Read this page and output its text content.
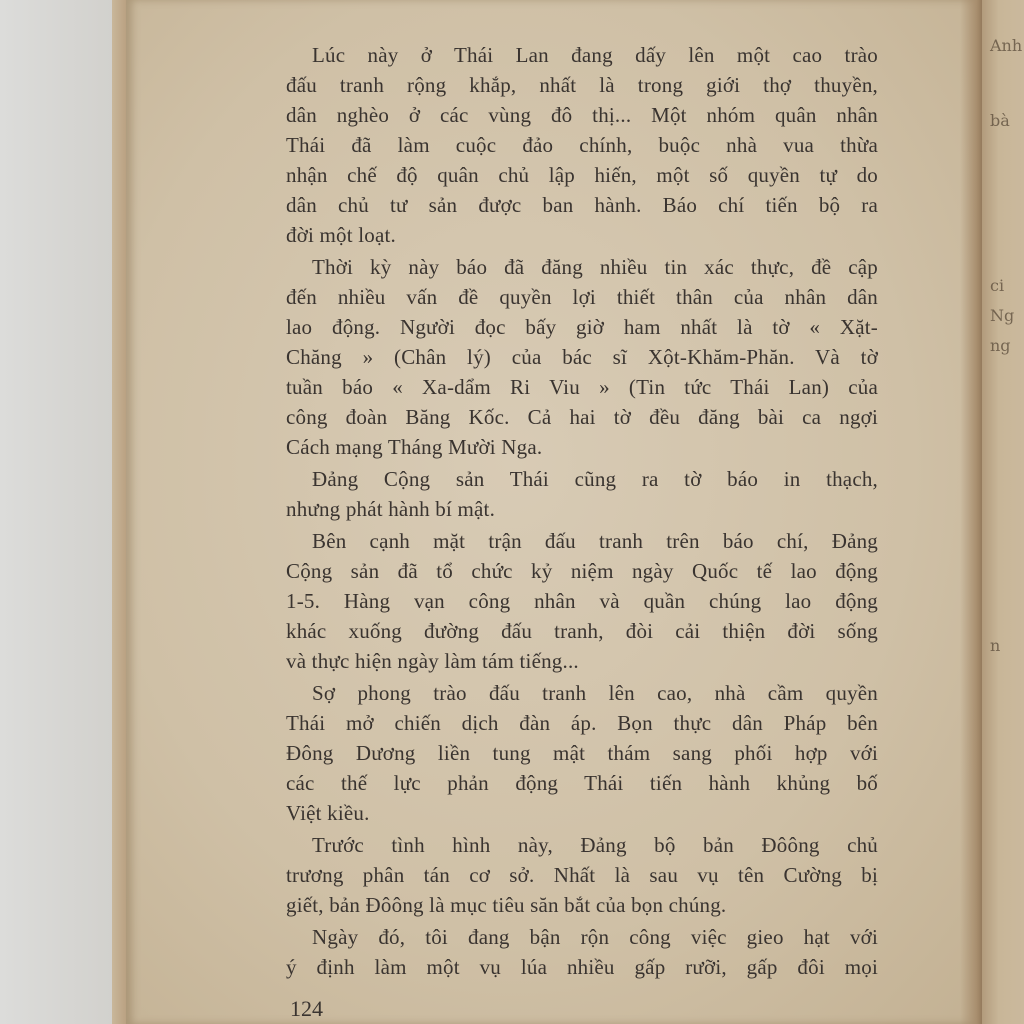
Anh
bà
ci
Ng
ng
n

Lúc này ở Thái Lan đang dấy lên một cao trào
đấu tranh rộng khắp, nhất là trong giới thợ thuyền,
dân nghèo ở các vùng đô thị... Một nhóm quân nhân
Thái đã làm cuộc đảo chính, buộc nhà vua thừa
nhận chế độ quân chủ lập hiến, một số quyền tự do
dân chủ tư sản được ban hành. Báo chí tiến bộ ra
đời một loạt.

Thời kỳ này báo đã đăng nhiều tin xác thực, đề cập
đến nhiều vấn đề quyền lợi thiết thân của nhân dân
lao động. Người đọc bấy giờ ham nhất là tờ « Xặt-
Chăng » (Chân lý) của bác sĩ Xột-Khăm-Phăn. Và tờ
tuần báo « Xa-dẩm Ri Viu » (Tin tức Thái Lan) của
công đoàn Băng Kốc. Cả hai tờ đều đăng bài ca ngợi
Cách mạng Tháng Mười Nga.

Đảng Cộng sản Thái cũng ra tờ báo in thạch,
nhưng phát hành bí mật.

Bên cạnh mặt trận đấu tranh trên báo chí, Đảng
Cộng sản đã tổ chức kỷ niệm ngày Quốc tế lao động
1-5. Hàng vạn công nhân và quần chúng lao động
khác xuống đường đấu tranh, đòi cải thiện đời sống
và thực hiện ngày làm tám tiếng...

Sợ phong trào đấu tranh lên cao, nhà cầm quyền
Thái mở chiến dịch đàn áp. Bọn thực dân Pháp bên
Đông Dương liền tung mật thám sang phối hợp với
các thế lực phản động Thái tiến hành khủng bố
Việt kiều.

Trước tình hình này, Đảng bộ bản Đôông chủ
trương phân tán cơ sở. Nhất là sau vụ tên Cường bị
giết, bản Đôông là mục tiêu săn bắt của bọn chúng.

Ngày đó, tôi đang bận rộn công việc gieo hạt với
ý định làm một vụ lúa nhiều gấp rưỡi, gấp đôi mọi

124
